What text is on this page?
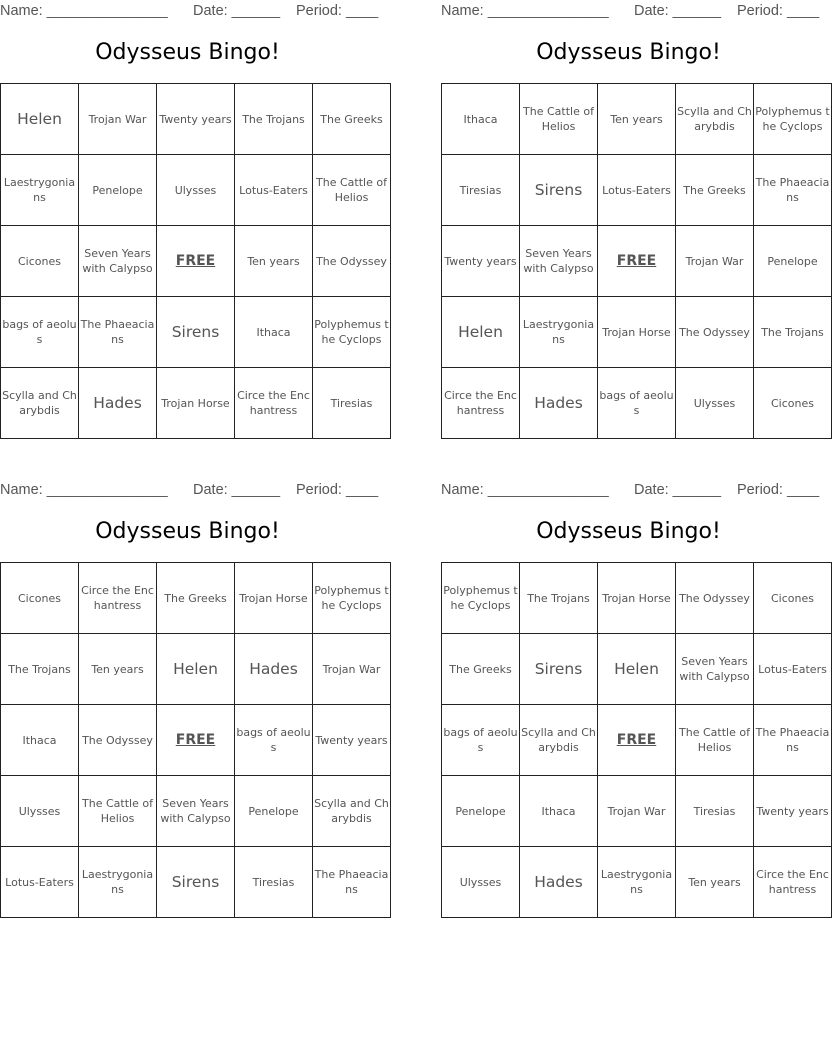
Name: _______________ Date: ______ Period: ____
Odysseus Bingo!
Helen	Trojan War	Twenty years	The Trojans	The Greeks
Laestrygonians	Penelope	Ulysses	Lotus-Eaters	The Cattle of Helios
Cicones	Seven Years with Calypso	FREE	Ten years	The Odyssey
bags of aeolus	The Phaeacians	Sirens	Ithaca	Polyphemus the Cyclops
Scylla and Charybdis	Hades	Trojan Horse	Circe the Enchantress	Tiresias
Name: _______________ Date: ______ Period: ____
Odysseus Bingo!
Ithaca	The Cattle of Helios	Ten years	Scylla and Charybdis	Polyphemus the Cyclops
Tiresias	Sirens	Lotus-Eaters	The Greeks	The Phaeacians
Twenty years	Seven Years with Calypso	FREE	Trojan War	Penelope
Helen	Laestrygonians	Trojan Horse	The Odyssey	The Trojans
Circe the Enchantress	Hades	bags of aeolus	Ulysses	Cicones
Name: _______________ Date: ______ Period: ____
Odysseus Bingo!
Cicones	Circe the Enchantress	The Greeks	Trojan Horse	Polyphemus the Cyclops
The Trojans	Ten years	Helen	Hades	Trojan War
Ithaca	The Odyssey	FREE	bags of aeolus	Twenty years
Ulysses	The Cattle of Helios	Seven Years with Calypso	Penelope	Scylla and Charybdis
Lotus-Eaters	Laestrygonians	Sirens	Tiresias	The Phaeacians
Name: _______________ Date: ______ Period: ____
Odysseus Bingo!
Polyphemus the Cyclops	The Trojans	Trojan Horse	The Odyssey	Cicones
The Greeks	Sirens	Helen	Seven Years with Calypso	Lotus-Eaters
bags of aeolus	Scylla and Charybdis	FREE	The Cattle of Helios	The Phaeacians
Penelope	Ithaca	Trojan War	Tiresias	Twenty years
Ulysses	Hades	Laestrygonians	Ten years	Circe the Enchantress
